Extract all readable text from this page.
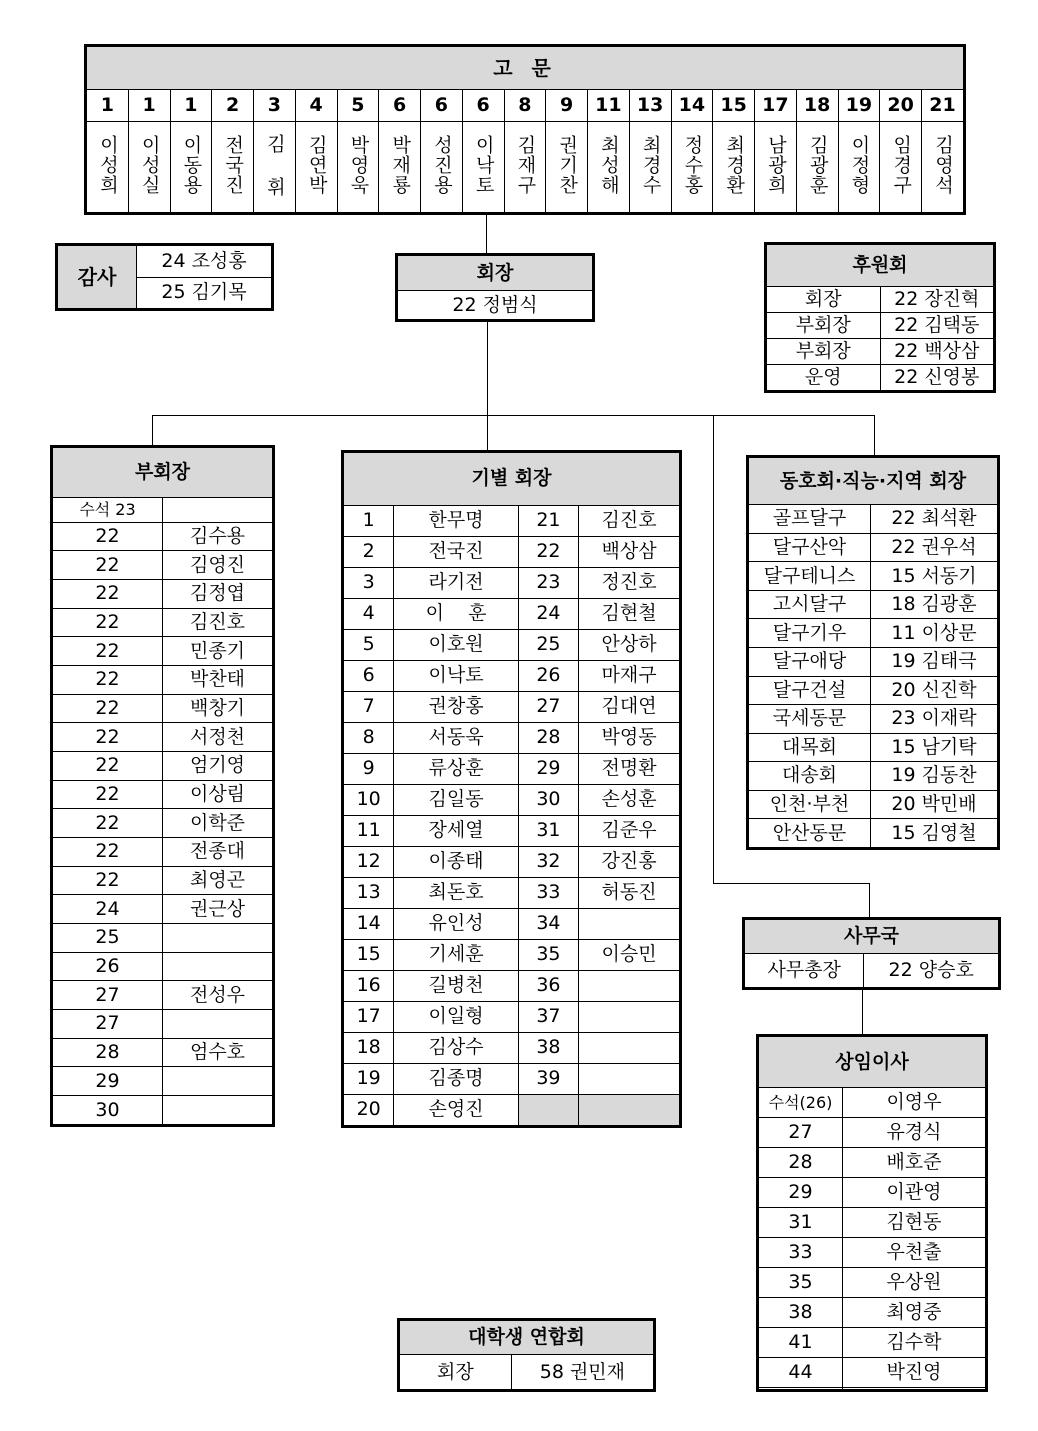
고 문																				
1	1	1	2	3	4	5	6	6	6	8	9	11	13	14	15	17	18	19	20	21
이성희	이성실	이동용	전국진	김 휘	김연박	박영욱	박재룡	성진용	이낙토	김재구	권기찬	최성해	최경수	정수홍	최경환	남광희	김광훈	이정형	임경구	김영석
감사	24 조성홍
25 김기목
회장
22 정범식
후원회	
회장	22 장진혁
부회장	22 김택동
부회장	22 백상삼
운영	22 신영봉
부회장	
수석 23	
22	김수용
22	김영진
22	김정엽
22	김진호
22	민종기
22	박찬태
22	백창기
22	서정천
22	엄기영
22	이상림
22	이학준
22	전종대
22	최영곤
24	권근상
25	
26	
27	전성우
27	
28	엄수호
29	
30	
기별 회장			
1	한무명	21	김진호
2	전국진	22	백상삼
3	라기전	23	정진호
4	이    훈	24	김현철
5	이호원	25	안상하
6	이낙토	26	마재구
7	권창홍	27	김대연
8	서동욱	28	박영동
9	류상훈	29	전명환
10	김일동	30	손성훈
11	장세열	31	김준우
12	이종태	32	강진홍
13	최돈호	33	허동진
14	유인성	34	
15	기세훈	35	이승민
16	길병천	36	
17	이일형	37	
18	김상수	38	
19	김종명	39	
20	손영진		
동호회·직능·지역 회장	
골프달구	22 최석환
달구산악	22 권우석
달구테니스	15 서동기
고시달구	18 김광훈
달구기우	11 이상문
달구애당	19 김태극
달구건설	20 신진학
국세동문	23 이재락
대목회	15 남기탁
대송회	19 김동찬
인천·부천	20 박민배
안산동문	15 김영철
사무국
사무총장	22 양승호
상임이사	
수석(26)	이영우
27	유경식
28	배호준
29	이관영
31	김현동
33	우천출
35	우상원
38	최영중
41	김수학
44	박진영

대학생 연합회
회장	58 권민재
